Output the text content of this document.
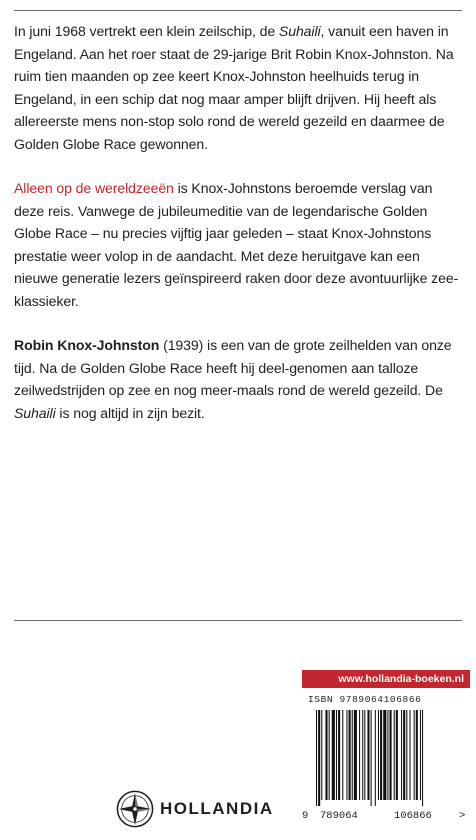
In juni 1968 vertrekt een klein zeilschip, de Suhaili, vanuit een haven in Engeland. Aan het roer staat de 29-jarige Brit Robin Knox-Johnston. Na ruim tien maanden op zee keert Knox-Johnston heelhuids terug in Engeland, in een schip dat nog maar amper blijft drijven. Hij heeft als allereerste mens non-stop solo rond de wereld gezeild en daarmee de Golden Globe Race gewonnen.

Alleen op de wereldzeeën is Knox-Johnstons beroemde verslag van deze reis. Vanwege de jubileumeditie van de legendarische Golden Globe Race – nu precies vijftig jaar geleden – staat Knox-Johnstons prestatie weer volop in de aandacht. Met deze heruitgave kan een nieuwe generatie lezers geïnspireerd raken door deze avontuurlijke zee-klassieker.

Robin Knox-Johnston (1939) is een van de grote zeilhelden van onze tijd. Na de Golden Globe Race heeft hij deel-genomen aan talloze zeilwedstrijden op zee en nog meer-maals rond de wereld gezeild. De Suhaili is nog altijd in zijn bezit.

HOLLANDIA
www.hollandia-boeken.nl
ISBN 9789064106866
9 789064	106866	>
